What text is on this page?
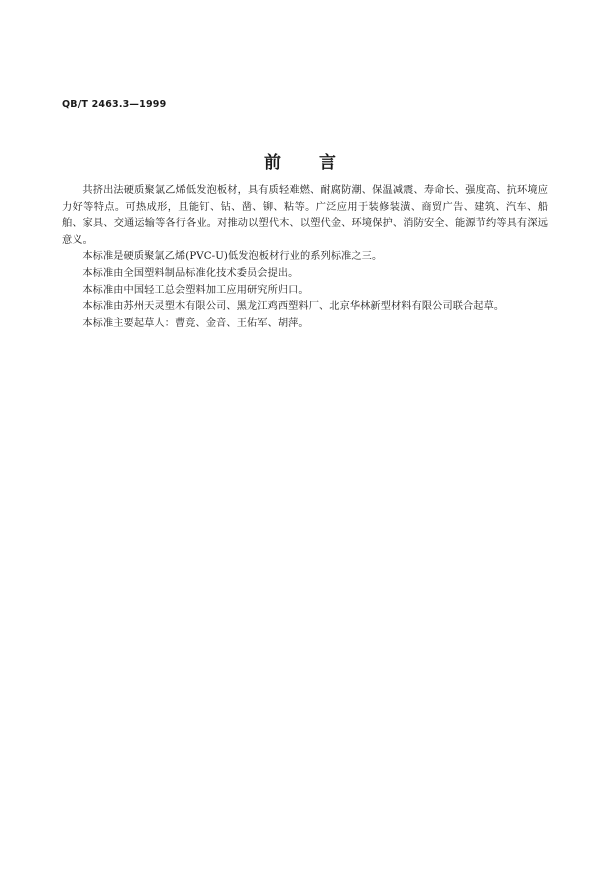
QB/T 2463.3—1999
前言

共挤出法硬质聚氯乙烯低发泡板材，具有质轻难燃、耐腐防潮、保温减震、寿命长、强度高、抗环境应力好等特点。可热成形，且能钉、钻、凿、铆、粘等。广泛应用于装修装潢、商贸广告、建筑、汽车、船舶、家具、交通运输等各行各业。对推动以塑代木、以塑代金、环境保护、消防安全、能源节约等具有深远意义。

本标准是硬质聚氯乙烯(PVC-U)低发泡板材行业的系列标准之三。

本标准由全国塑料制品标准化技术委员会提出。

本标准由中国轻工总会塑料加工应用研究所归口。

本标准由苏州天灵塑木有限公司、黑龙江鸡西塑料厂、北京华林新型材料有限公司联合起草。

本标准主要起草人：曹竞、金音、王佑军、胡萍。
